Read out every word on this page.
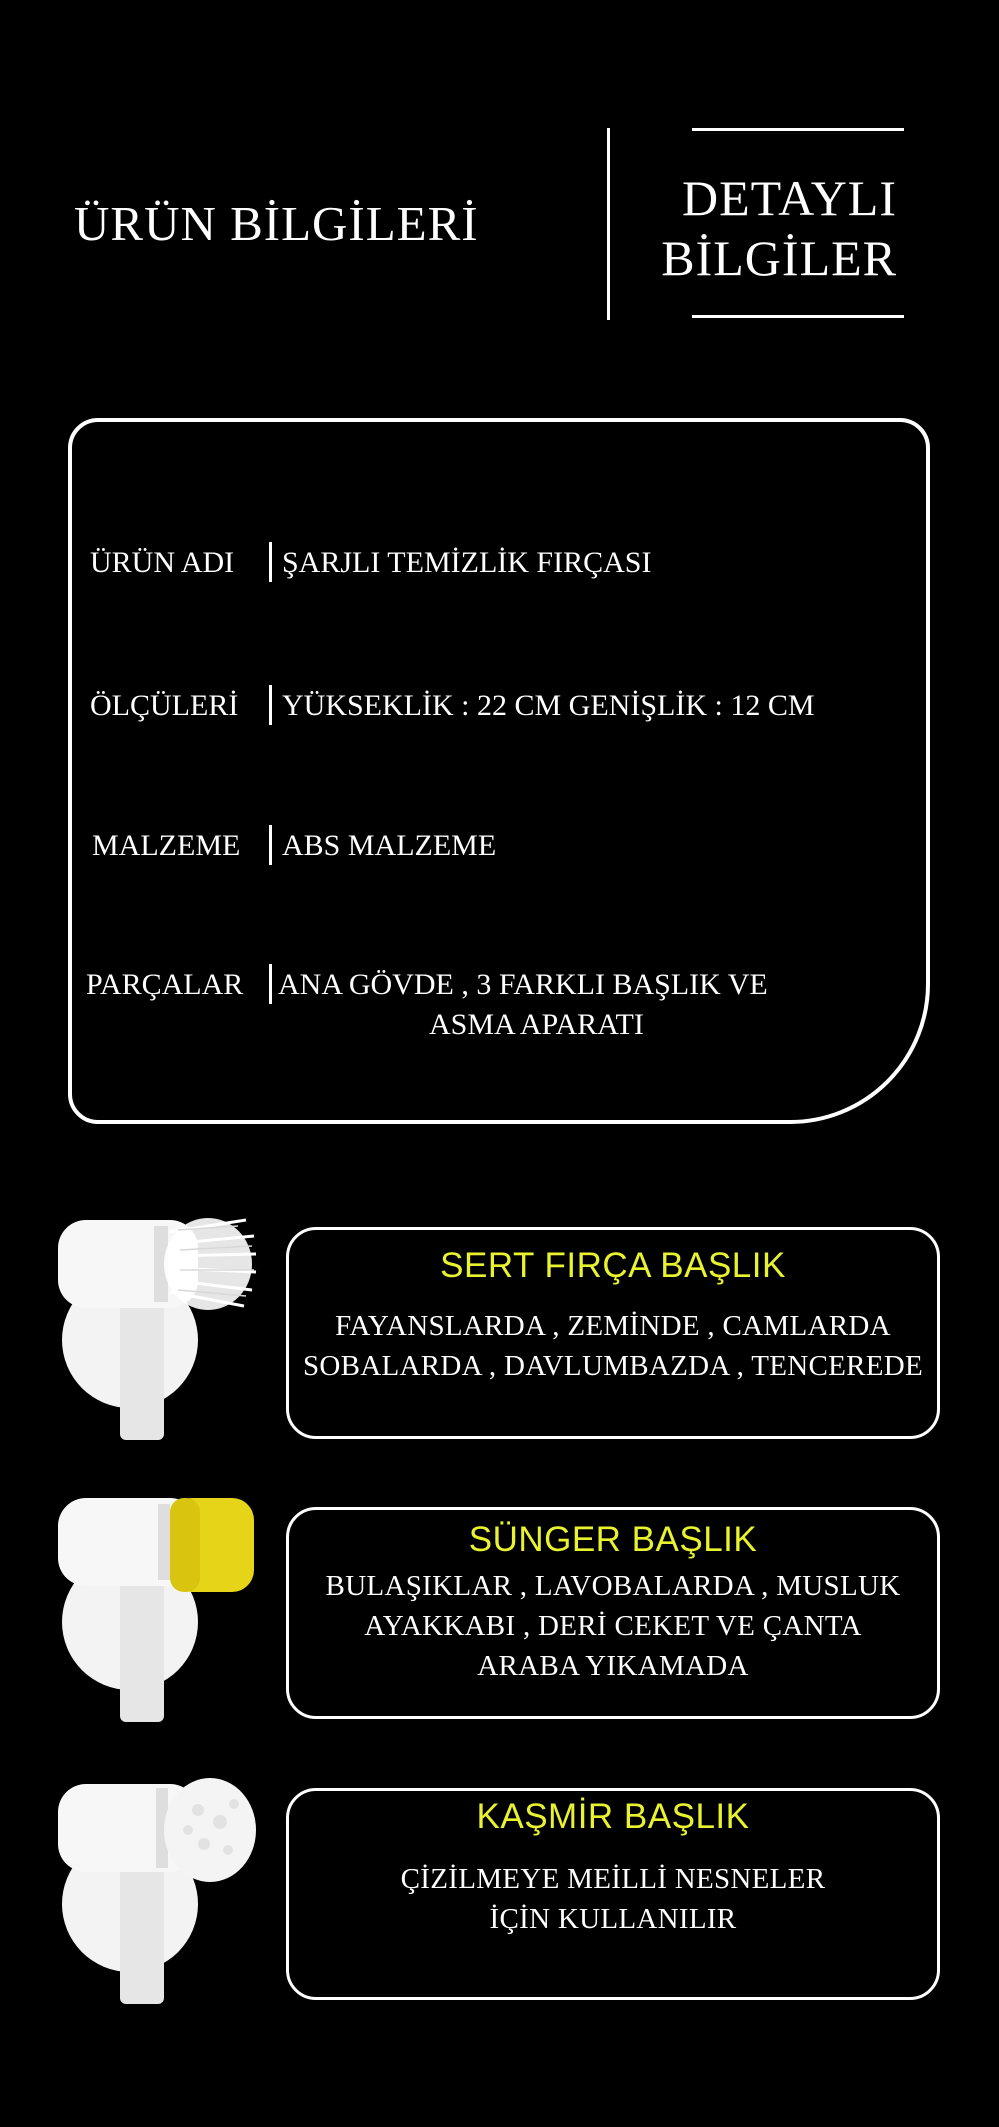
ÜRÜN BİLGİLERİ	DETAYLI
BİLGİLER
ÜRÜN ADI	ŞARJLI TEMİZLİK FIRÇASI
ÖLÇÜLERİ	YÜKSEKLİK : 22 CM GENİŞLİK : 12 CM
MALZEME	ABS MALZEME
PARÇALAR	ANA GÖVDE , 3 FARKLI BAŞLIK VE
ASMA APARATI
SERT FIRÇA BAŞLIK
FAYANSLARDA , ZEMİNDE , CAMLARDA
SOBALARDA , DAVLUMBAZDA , TENCEREDE
SÜNGER BAŞLIK
BULAŞIKLAR , LAVOBALARDA , MUSLUK
AYAKKABI , DERİ CEKET VE ÇANTA
ARABA YIKAMADA
KAŞMİR BAŞLIK
ÇİZİLMEYE MEİLLİ NESNELER
İÇİN KULLANILIR
